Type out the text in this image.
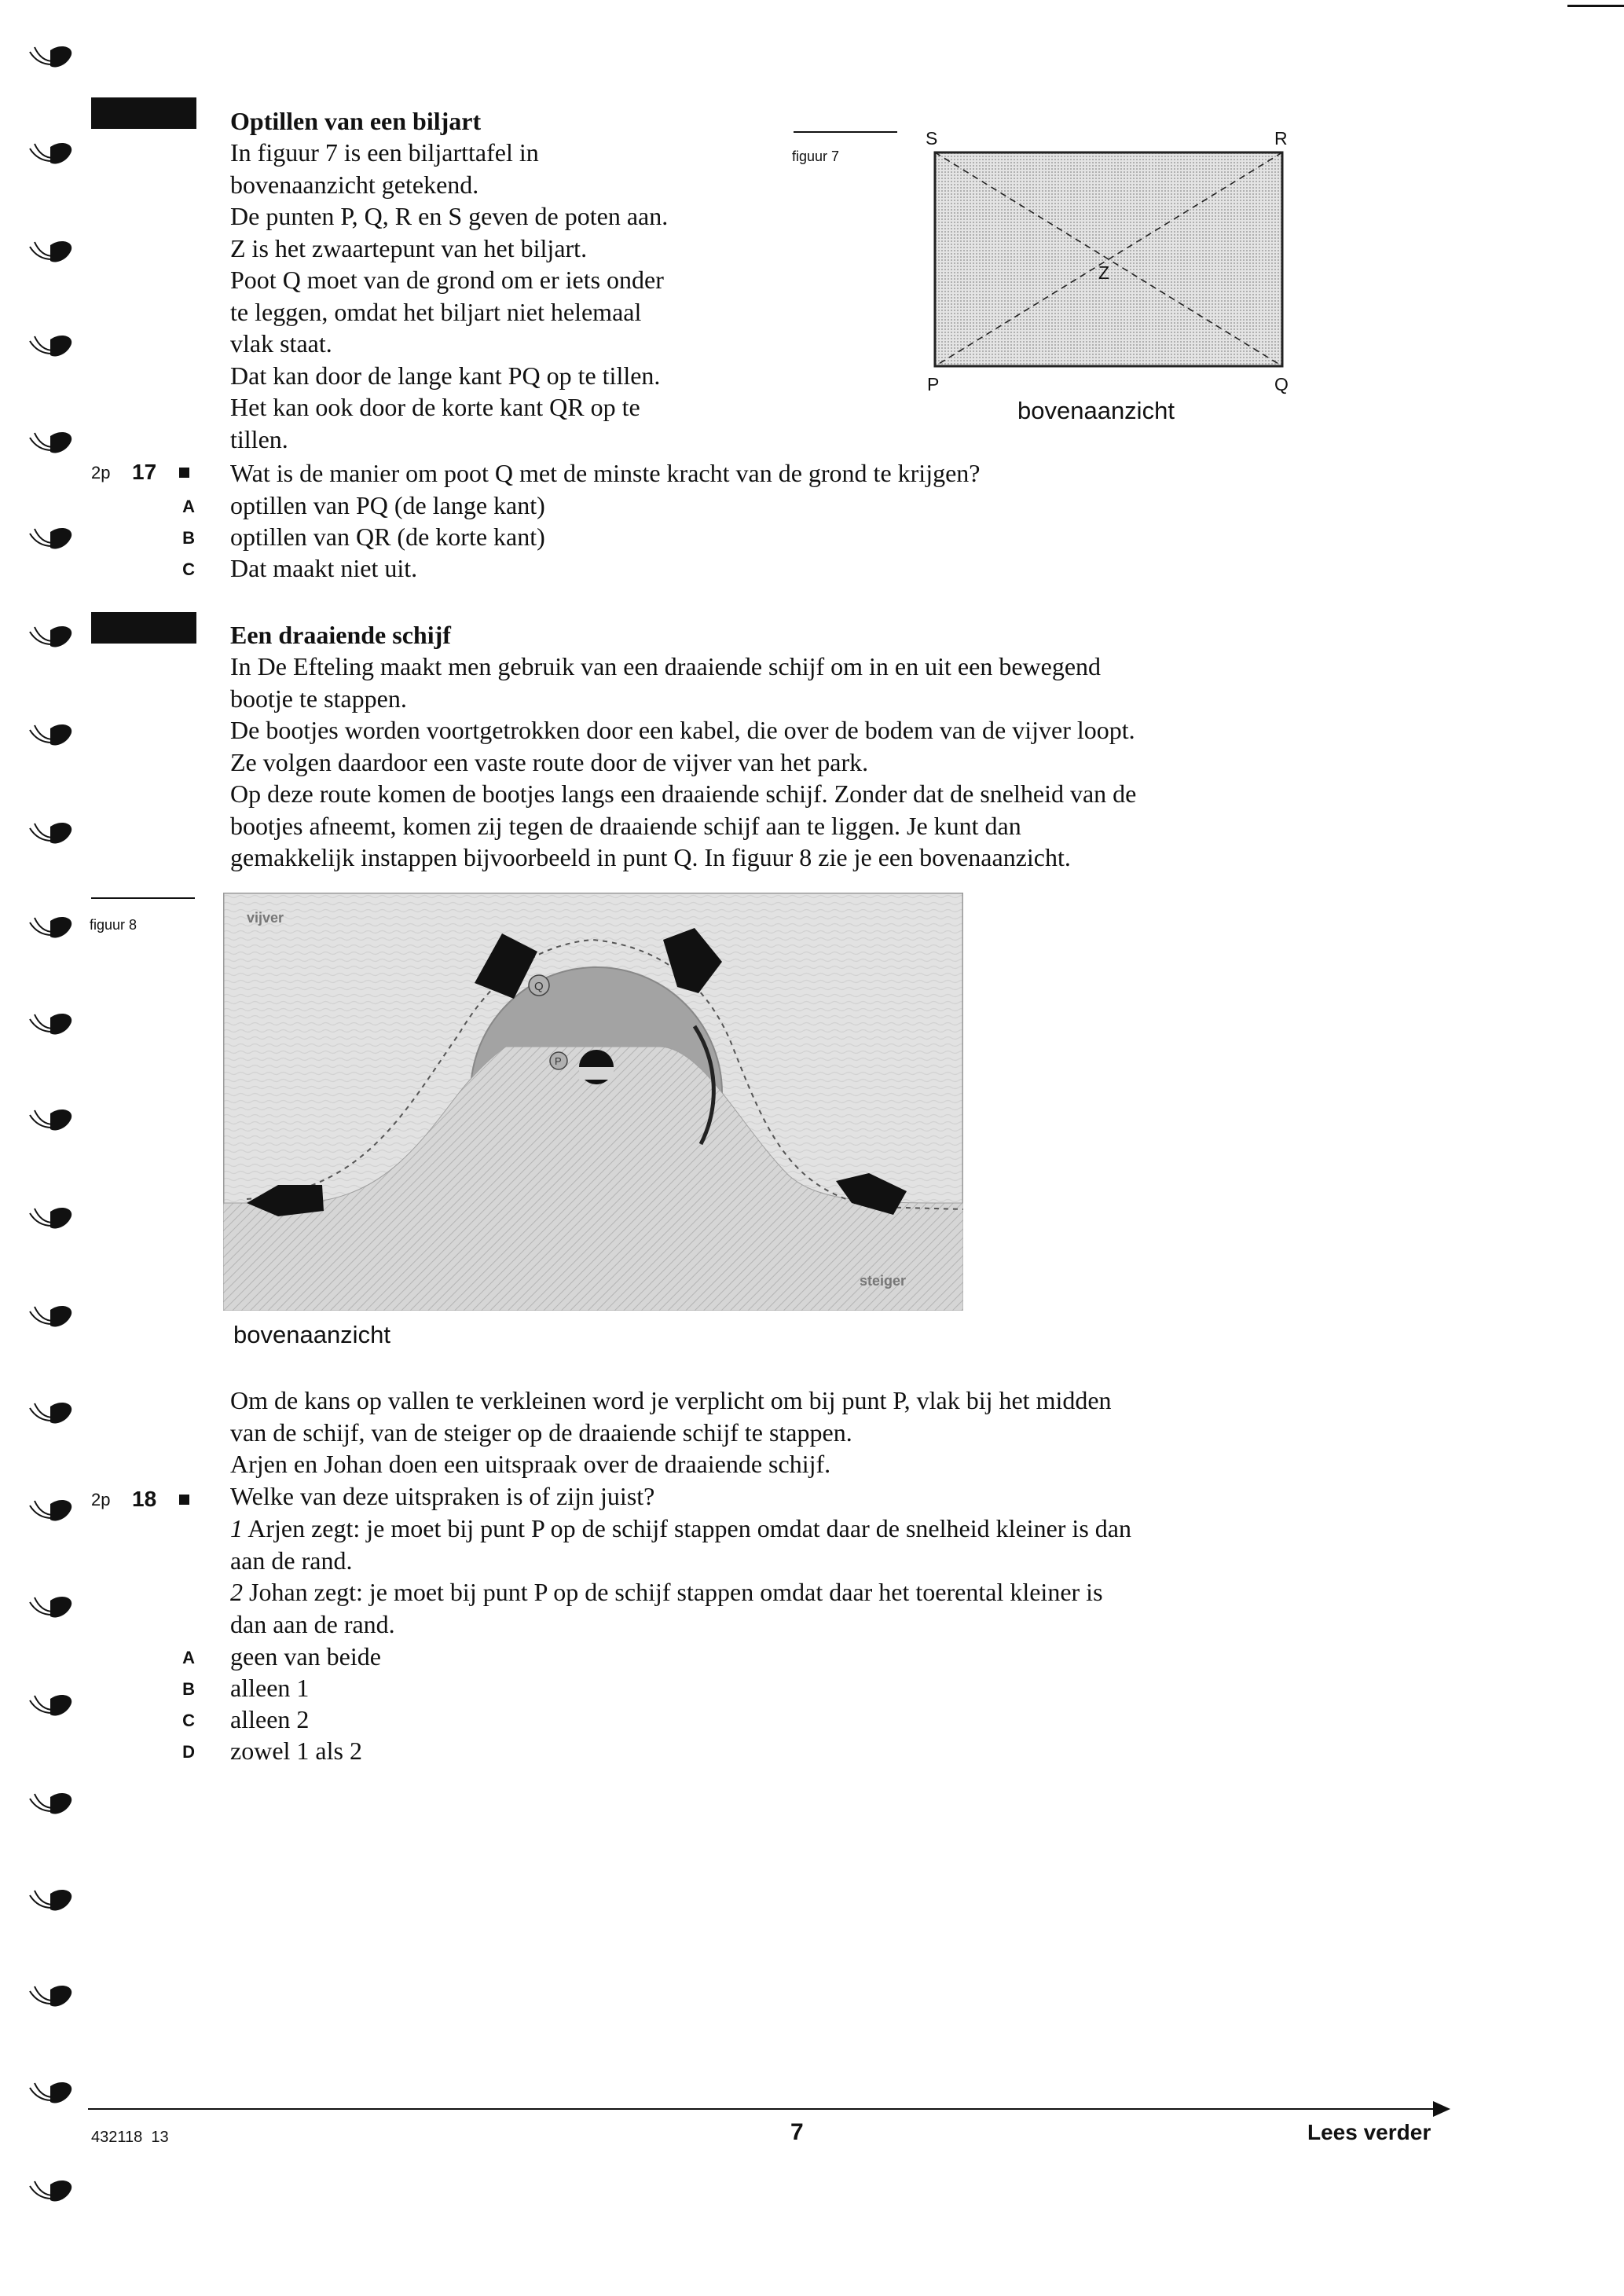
Optillen van een biljart
In figuur 7 is een biljarttafel in
bovenaanzicht getekend.
De punten P, Q, R en S geven de poten aan.
Z is het zwaartepunt van het biljart.
Poot Q moet van de grond om er iets onder
te leggen, omdat het biljart niet helemaal
vlak staat.
Dat kan door de lange kant PQ op te tillen.
Het kan ook door de korte kant QR op te
tillen.
figuur 7
S	R
P	Q
Z
bovenaanzicht
2p 17	Wat is de manier om poot Q met de minste kracht van de grond te krijgen?
A optillen van PQ (de lange kant)
B optillen van QR (de korte kant)
C Dat maakt niet uit.
Een draaiende schijf
In De Efteling maakt men gebruik van een draaiende schijf om in en uit een bewegend
bootje te stappen.
De bootjes worden voortgetrokken door een kabel, die over de bodem van de vijver loopt.
Ze volgen daardoor een vaste route door de vijver van het park.
Op deze route komen de bootjes langs een draaiende schijf. Zonder dat de snelheid van de
bootjes afneemt, komen zij tegen de draaiende schijf aan te liggen. Je kunt dan
gemakkelijk instappen bijvoorbeeld in punt Q. In figuur 8 zie je een bovenaanzicht.
figuur 8
Q
P
vijver
steiger
bovenaanzicht
Om de kans op vallen te verkleinen word je verplicht om bij punt P, vlak bij het midden
van de schijf, van de steiger op de draaiende schijf te stappen.
Arjen en Johan doen een uitspraak over de draaiende schijf.
2p 18	Welke van deze uitspraken is of zijn juist?
1 Arjen zegt: je moet bij punt P op de schijf stappen omdat daar de snelheid kleiner is dan
aan de rand.
2 Johan zegt: je moet bij punt P op de schijf stappen omdat daar het toerental kleiner is
dan aan de rand.
A geen van beide
B alleen 1
C alleen 2
D zowel 1 als 2
432118  13	7	Lees verder
